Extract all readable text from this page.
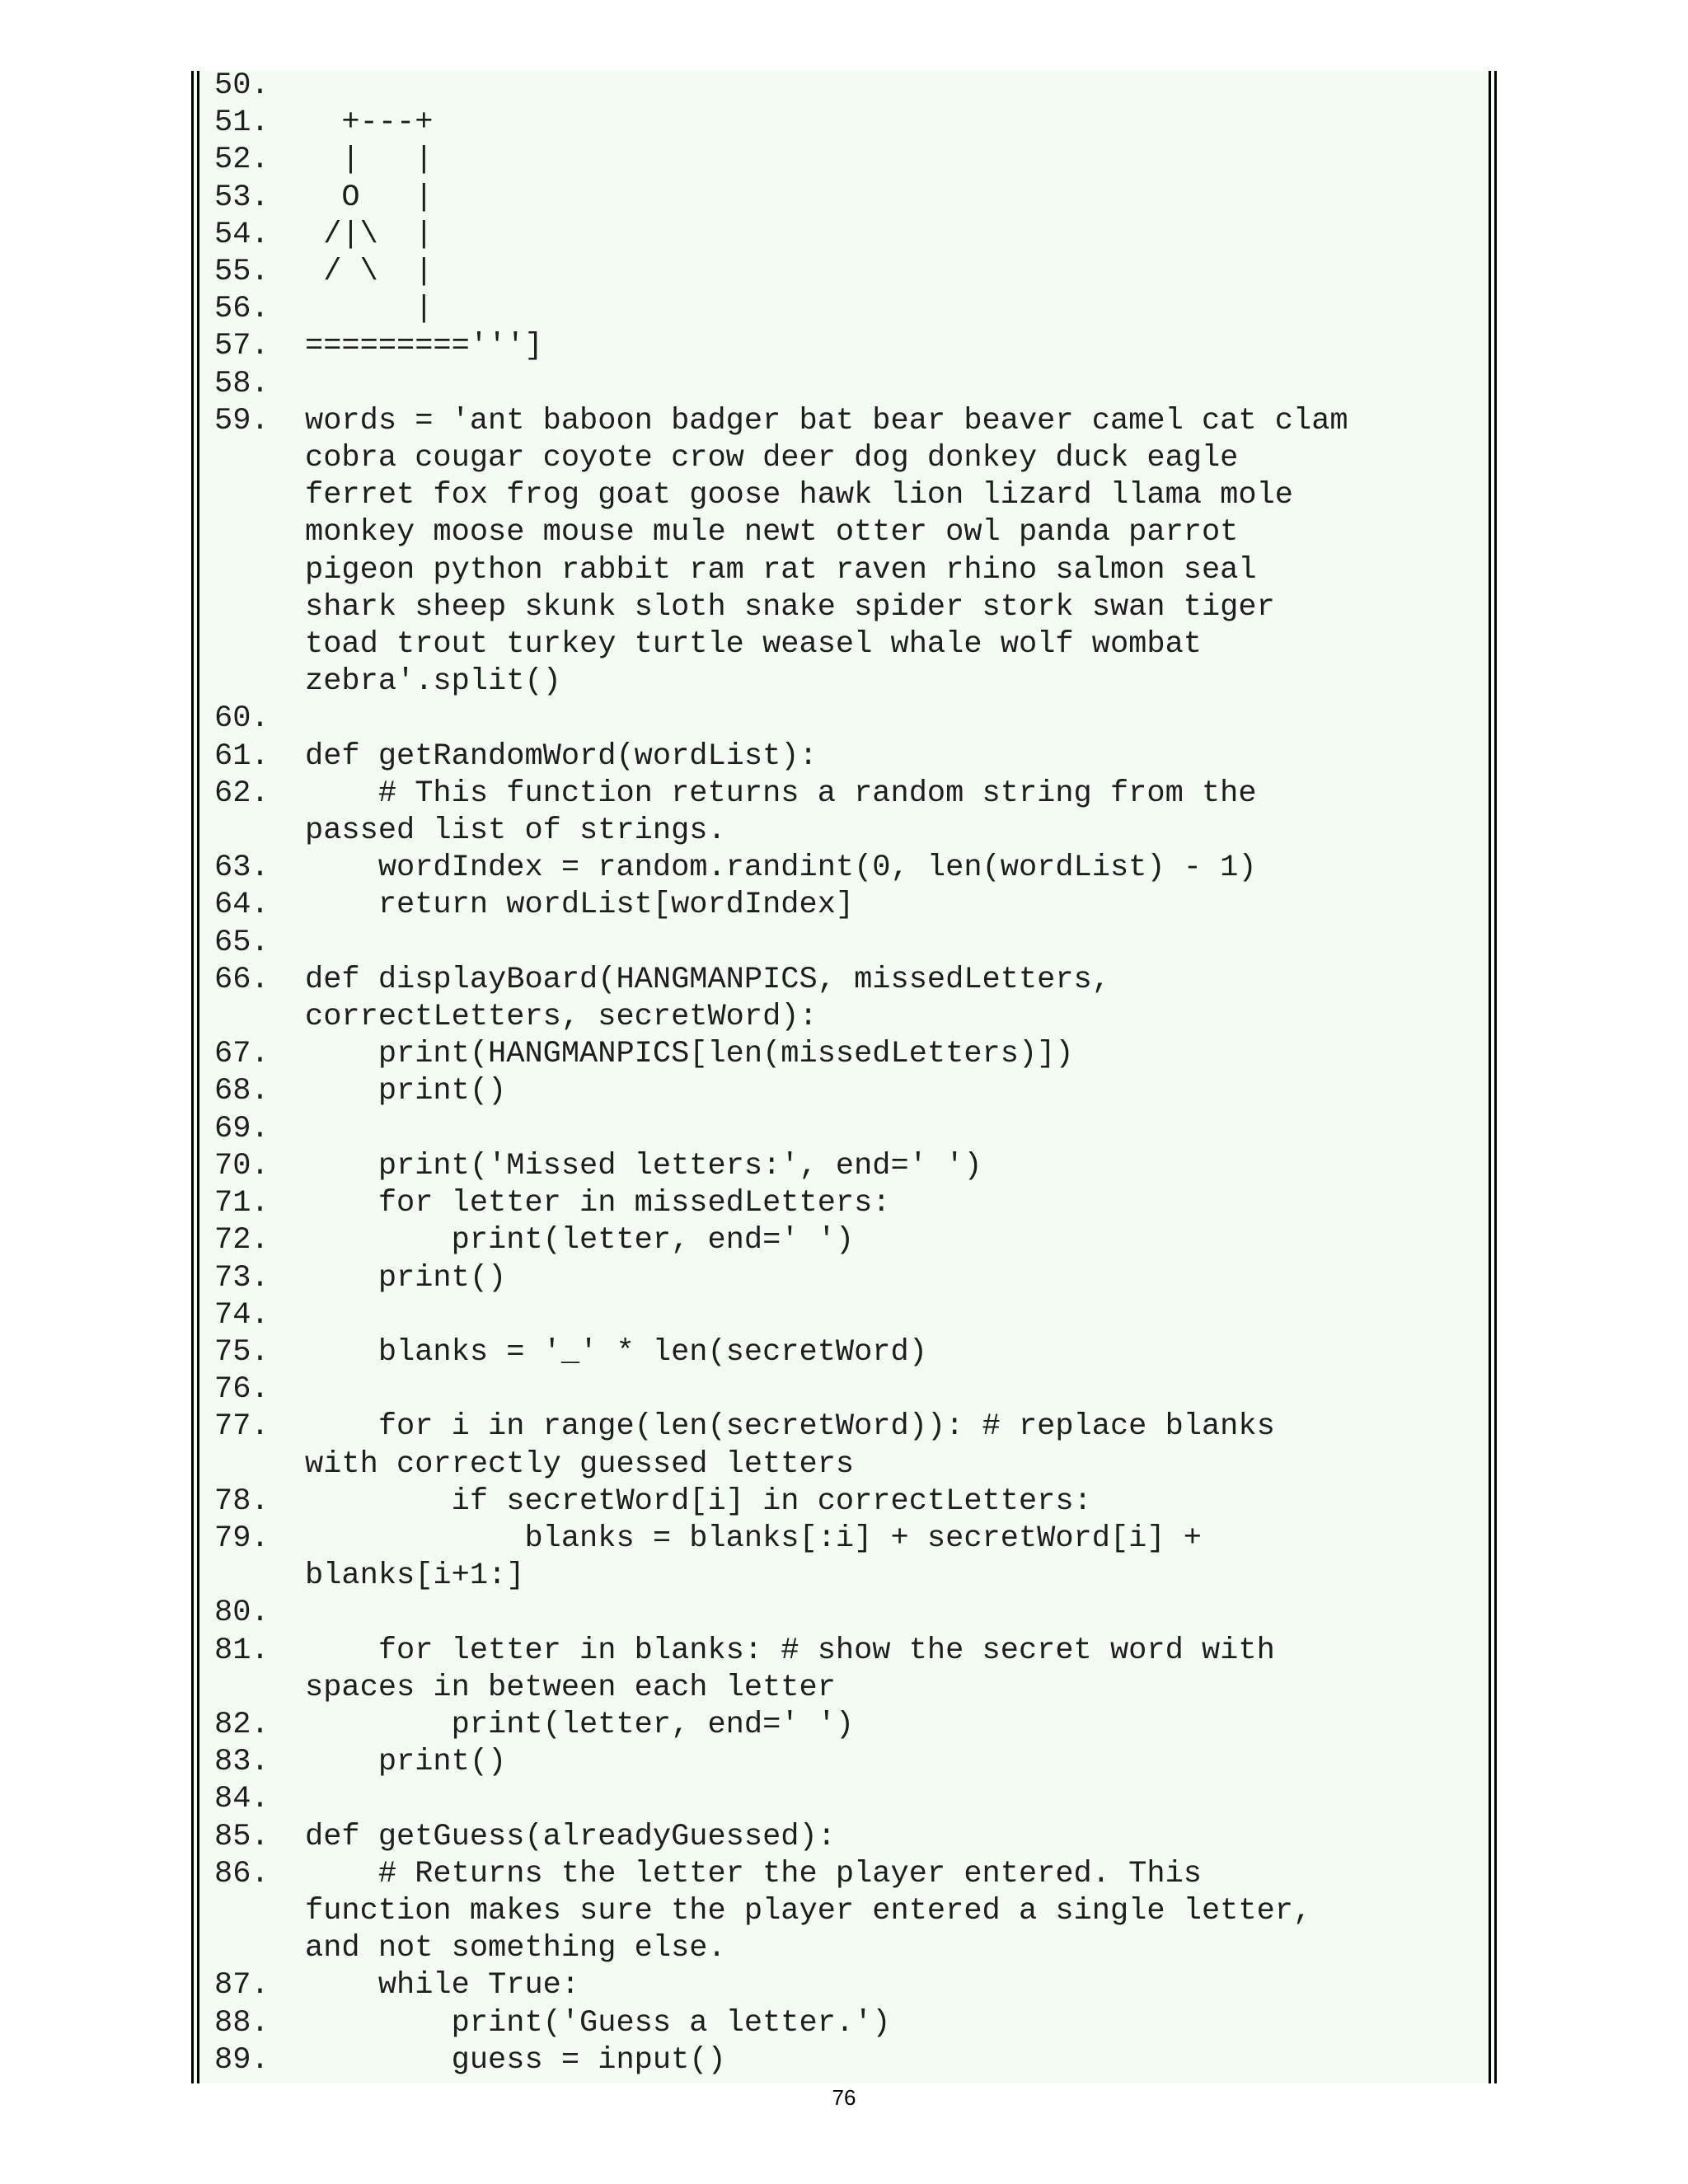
50.
51.	+---+
52.	|   |
53.	O   |
54.	/|\  |
55.	/ \  |
56.	|
57.	=========''']
58.
59.	words = 'ant baboon badger bat bear beaver camel cat clam
cobra cougar coyote crow deer dog donkey duck eagle
ferret fox frog goat goose hawk lion lizard llama mole
monkey moose mouse mule newt otter owl panda parrot
pigeon python rabbit ram rat raven rhino salmon seal
shark sheep skunk sloth snake spider stork swan tiger
toad trout turkey turtle weasel whale wolf wombat
zebra'.split()
60.
61.	def getRandomWord(wordList):
62.	# This function returns a random string from the
passed list of strings.
63.	wordIndex = random.randint(0, len(wordList) - 1)
64.	return wordList[wordIndex]
65.
66.	def displayBoard(HANGMANPICS, missedLetters,
correctLetters, secretWord):
67.	print(HANGMANPICS[len(missedLetters)])
68.	print()
69.
70.	print('Missed letters:', end=' ')
71.	for letter in missedLetters:
72.	print(letter, end=' ')
73.	print()
74.
75.	blanks = '_' * len(secretWord)
76.
77.	for i in range(len(secretWord)): # replace blanks
with correctly guessed letters
78.	if secretWord[i] in correctLetters:
79.	blanks = blanks[:i] + secretWord[i] +
blanks[i+1:]
80.
81.	for letter in blanks: # show the secret word with
spaces in between each letter
82.	print(letter, end=' ')
83.	print()
84.
85.	def getGuess(alreadyGuessed):
86.	# Returns the letter the player entered. This
function makes sure the player entered a single letter,
and not something else.
87.	while True:
88.	print('Guess a letter.')
89.	guess = input()
76
